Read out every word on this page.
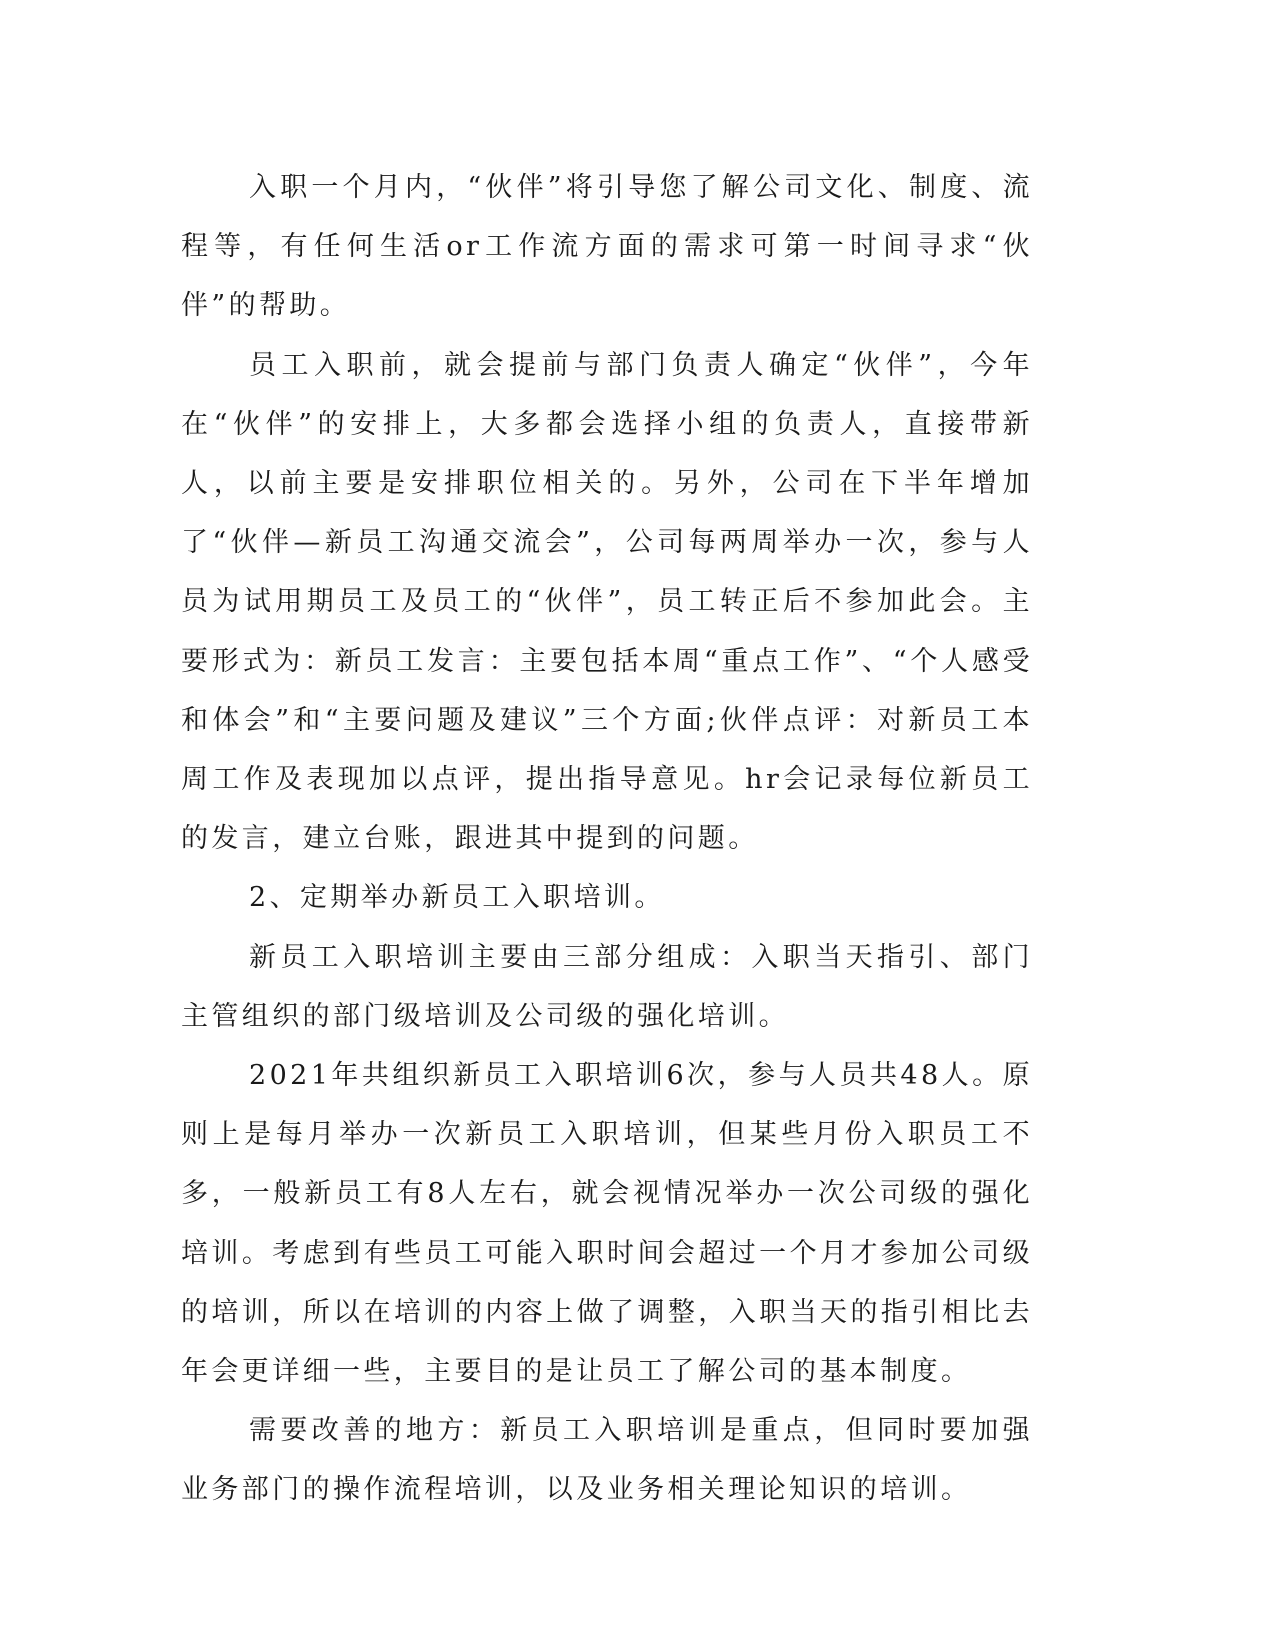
入职一个月内，“伙伴”将引导您了解公司文化、制度、流程等，有任何生活or工作流方面的需求可第一时间寻求“伙伴”的帮助。

员工入职前，就会提前与部门负责人确定“伙伴”，今年在“伙伴”的安排上，大多都会选择小组的负责人，直接带新人，以前主要是安排职位相关的。另外，公司在下半年增加了“伙伴—新员工沟通交流会”，公司每两周举办一次，参与人员为试用期员工及员工的“伙伴”，员工转正后不参加此会。主要形式为：新员工发言：主要包括本周“重点工作”、“个人感受和体会”和“主要问题及建议”三个方面;伙伴点评：对新员工本周工作及表现加以点评，提出指导意见。hr会记录每位新员工的发言，建立台账，跟进其中提到的问题。

2、定期举办新员工入职培训。

新员工入职培训主要由三部分组成：入职当天指引、部门主管组织的部门级培训及公司级的强化培训。

2021年共组织新员工入职培训6次，参与人员共48人。原则上是每月举办一次新员工入职培训，但某些月份入职员工不多，一般新员工有8人左右，就会视情况举办一次公司级的强化培训。考虑到有些员工可能入职时间会超过一个月才参加公司级的培训，所以在培训的内容上做了调整，入职当天的指引相比去年会更详细一些，主要目的是让员工了解公司的基本制度。

需要改善的地方：新员工入职培训是重点，但同时要加强业务部门的操作流程培训，以及业务相关理论知识的培训。
